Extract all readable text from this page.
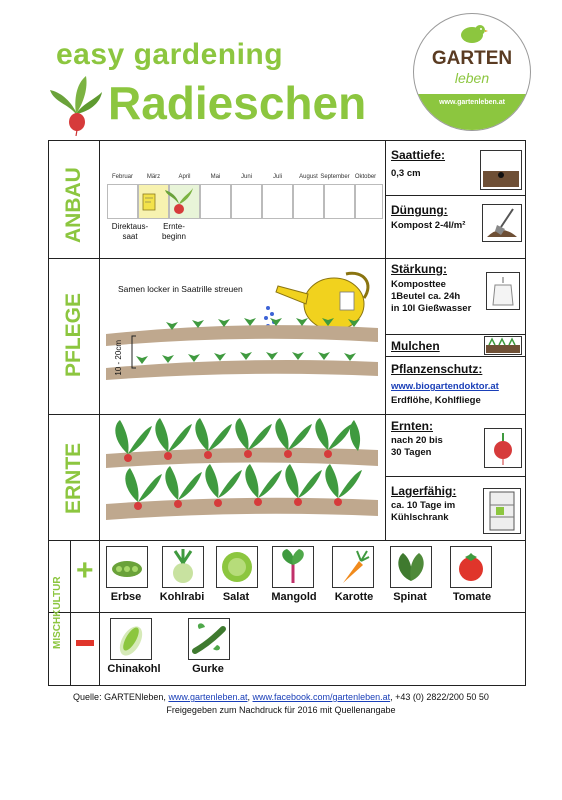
easy gardening
Radieschen
GARTEN
leben
www.gartenleben.at
ANBAU
PFLEGE
ERNTE
MISCHKULTUR
Februar	März	April	Mai	Juni	Juli	August September Oktober
Direktaus-
saat
Ernte-
beginn
Samen locker in Saatrille streuen
10 - 20cm
Saattiefe:
0,3 cm
Düngung:
Kompost 2-4l/m²
Stärkung:
Komposttee
1Beutel ca. 24h
in 10l Gießwasser
Mulchen
Pflanzenschutz:
www.biogartendoktor.at
Erdflöhe, Kohlfliege
Ernten:
nach 20 bis
30 Tagen
Lagerfähig:
ca. 10 Tage im
Kühlschrank
+
Erbse	Kohlrabi	Salat	Mangold	Karotte	Spinat	Tomate
Chinakohl	Gurke
Quelle: GARTENleben, www.gartenleben.at, www.facebook.com/gartenleben.at, +43 (0) 2822/200 50 50
Freigegeben zum Nachdruck für 2016 mit Quellenangabe
